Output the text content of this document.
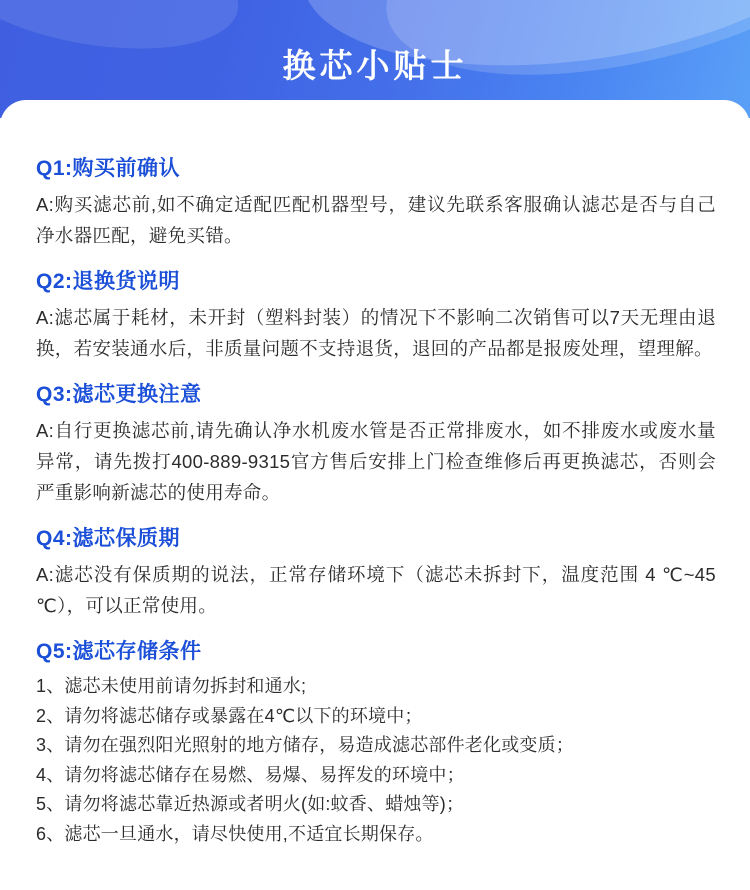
换芯小贴士
Q1:购买前确认
A:购买滤芯前,如不确定适配匹配机器型号，建议先联系客服确认滤芯是否与自己净水器匹配，避免买错。
Q2:退换货说明
A:滤芯属于耗材，未开封（塑料封装）的情况下不影响二次销售可以7天无理由退换，若安装通水后，非质量问题不支持退货，退回的产品都是报废处理，望理解。
Q3:滤芯更换注意
A:自行更换滤芯前,请先确认净水机废水管是否正常排废水，如不排废水或废水量异常，请先拨打400-889-9315官方售后安排上门检查维修后再更换滤芯，否则会严重影响新滤芯的使用寿命。
Q4:滤芯保质期
A:滤芯没有保质期的说法，正常存储环境下（滤芯未拆封下，温度范围 4 ℃~45 ℃），可以正常使用。
Q5:滤芯存储条件
1、滤芯未使用前请勿拆封和通水;
2、请勿将滤芯储存或暴露在4℃以下的环境中；
3、请勿在强烈阳光照射的地方储存，易造成滤芯部件老化或变质；
4、请勿将滤芯储存在易燃、易爆、易挥发的环境中；
5、请勿将滤芯靠近热源或者明火(如:蚊香、蜡烛等)；
6、滤芯一旦通水，请尽快使用,不适宜长期保存。
